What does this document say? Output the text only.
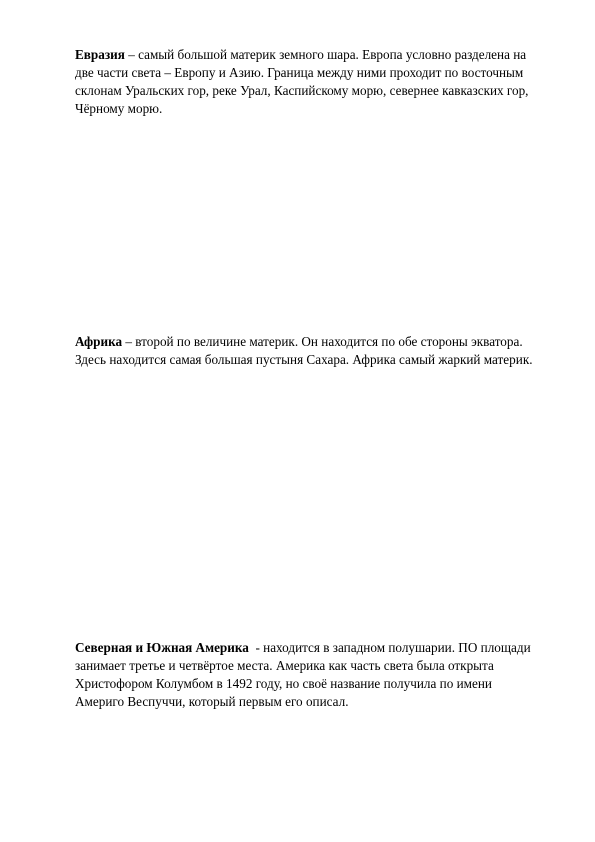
Евразия – самый большой материк земного шара. Европа условно разделена на
две части света – Европу и Азию. Граница между ними проходит по восточным
склонам Уральских гор, реке Урал, Каспийскому морю, севернее кавказских гор,
Чёрному морю.

Африка – второй по величине материк. Он находится по обе стороны экватора.
Здесь находится самая большая пустыня Сахара. Африка самый жаркий материк.

Северная и Южная Америка  - находится в западном полушарии. ПО площади
занимает третье и четвёртое места. Америка как часть света была открыта
Христофором Колумбом в 1492 году, но своё название получила по имени
Америго Веспуччи, который первым его описал.
